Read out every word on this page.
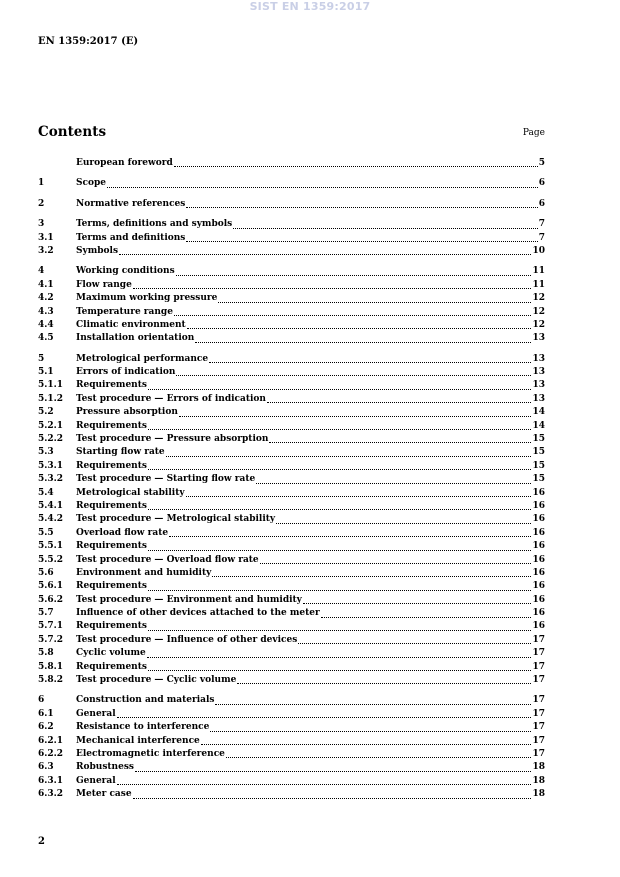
SIST EN 1359:2017
EN 1359:2017 (E)
Contents	Page
European foreword	5
1	Scope	6
2	Normative references	6
3	Terms, definitions and symbols	7
3.1	Terms and definitions	7
3.2	Symbols	10
4	Working conditions	11
4.1	Flow range	11
4.2	Maximum working pressure	12
4.3	Temperature range	12
4.4	Climatic environment	12
4.5	Installation orientation	13
5	Metrological performance	13
5.1	Errors of indication	13
5.1.1	Requirements	13
5.1.2	Test procedure — Errors of indication	13
5.2	Pressure absorption	14
5.2.1	Requirements	14
5.2.2	Test procedure — Pressure absorption	15
5.3	Starting flow rate	15
5.3.1	Requirements	15
5.3.2	Test procedure — Starting flow rate	15
5.4	Metrological stability	16
5.4.1	Requirements	16
5.4.2	Test procedure — Metrological stability	16
5.5	Overload flow rate	16
5.5.1	Requirements	16
5.5.2	Test procedure — Overload flow rate	16
5.6	Environment and humidity	16
5.6.1	Requirements	16
5.6.2	Test procedure — Environment and humidity	16
5.7	Influence of other devices attached to the meter	16
5.7.1	Requirements	16
5.7.2	Test procedure — Influence of other devices	17
5.8	Cyclic volume	17
5.8.1	Requirements	17
5.8.2	Test procedure — Cyclic volume	17
6	Construction and materials	17
6.1	General	17
6.2	Resistance to interference	17
6.2.1	Mechanical interference	17
6.2.2	Electromagnetic interference	17
6.3	Robustness	18
6.3.1	General	18
6.3.2	Meter case	18
2
